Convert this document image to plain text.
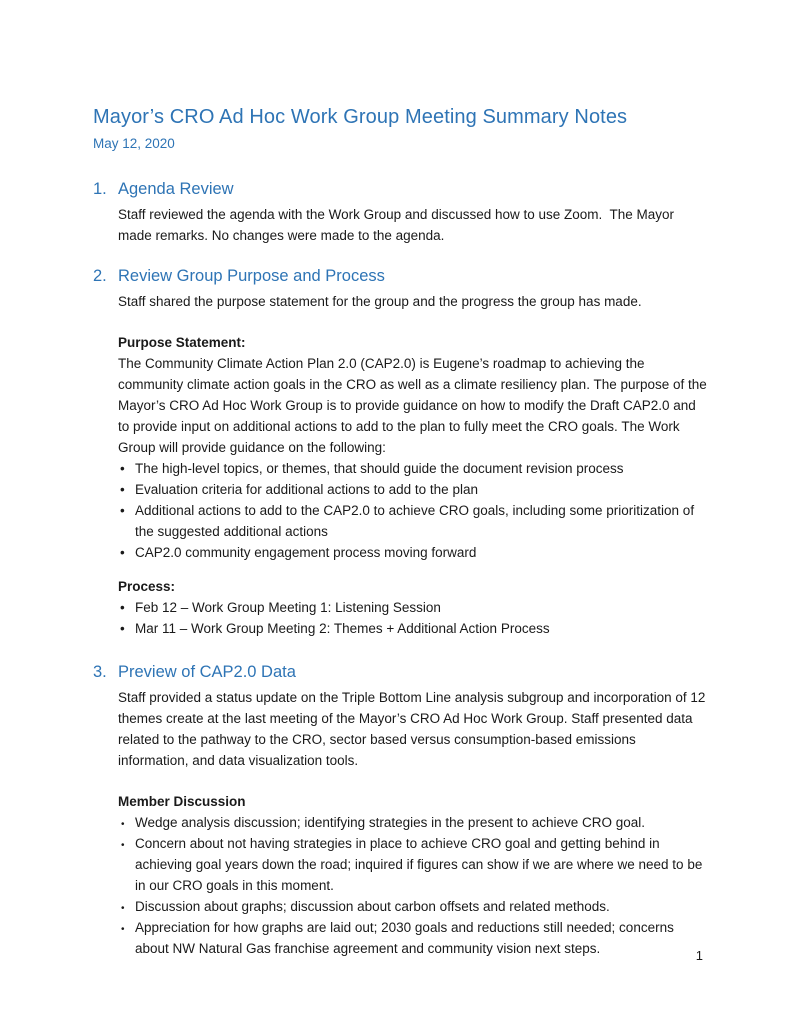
Mayor’s CRO Ad Hoc Work Group Meeting Summary Notes
May 12, 2020
1. Agenda Review

Staff reviewed the agenda with the Work Group and discussed how to use Zoom.  The Mayor made remarks. No changes were made to the agenda.

2. Review Group Purpose and Process

Staff shared the purpose statement for the group and the progress the group has made.

Purpose Statement:

The Community Climate Action Plan 2.0 (CAP2.0) is Eugene’s roadmap to achieving the community climate action goals in the CRO as well as a climate resiliency plan. The purpose of the Mayor’s CRO Ad Hoc Work Group is to provide guidance on how to modify the Draft CAP2.0 and to provide input on additional actions to add to the plan to fully meet the CRO goals. The Work Group will provide guidance on the following:

• The high-level topics, or themes, that should guide the document revision process
• Evaluation criteria for additional actions to add to the plan
• Additional actions to add to the CAP2.0 to achieve CRO goals, including some prioritization of the suggested additional actions
• CAP2.0 community engagement process moving forward
Process:
• Feb 12 – Work Group Meeting 1: Listening Session
• Mar 11 – Work Group Meeting 2: Themes + Additional Action Process
3. Preview of CAP2.0 Data

Staff provided a status update on the Triple Bottom Line analysis subgroup and incorporation of 12 themes create at the last meeting of the Mayor’s CRO Ad Hoc Work Group. Staff presented data related to the pathway to the CRO, sector based versus consumption-based emissions information, and data visualization tools.

Member Discussion
• Wedge analysis discussion; identifying strategies in the present to achieve CRO goal.
• Concern about not having strategies in place to achieve CRO goal and getting behind in achieving goal years down the road; inquired if figures can show if we are where we need to be in our CRO goals in this moment.
• Discussion about graphs; discussion about carbon offsets and related methods.
• Appreciation for how graphs are laid out; 2030 goals and reductions still needed; concerns about NW Natural Gas franchise agreement and community vision next steps.	1
